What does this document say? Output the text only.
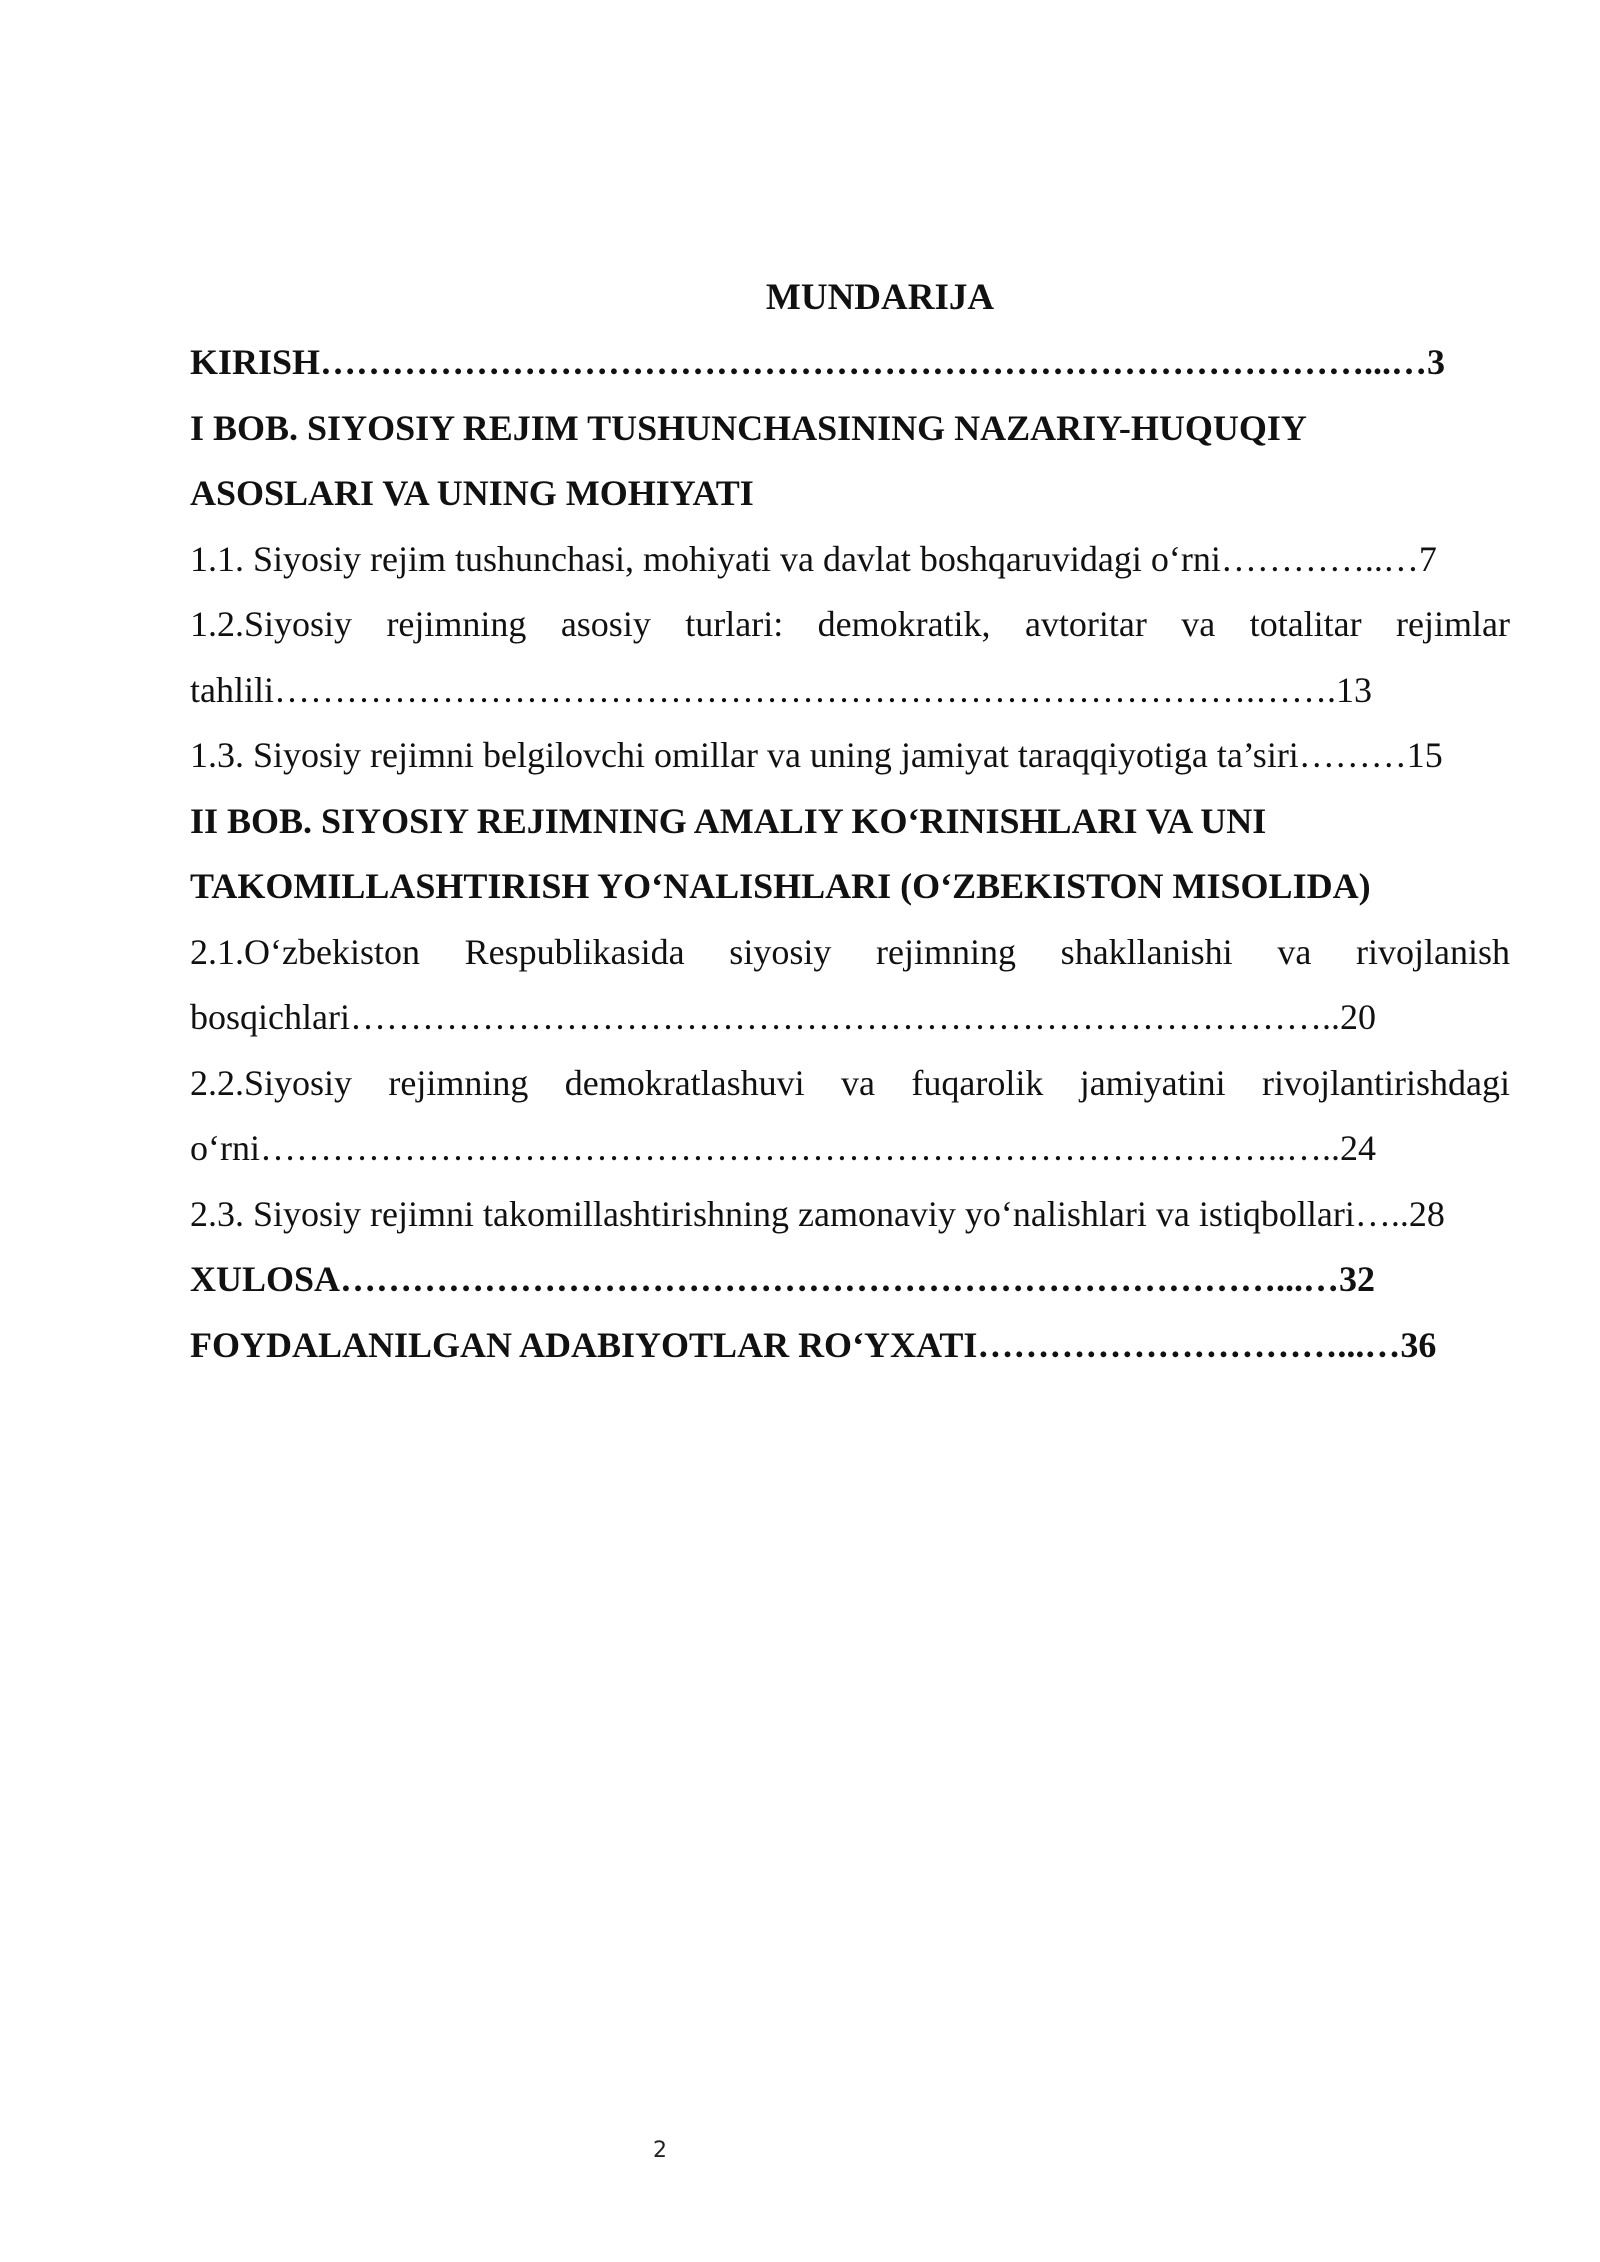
MUNDARIJA
KIRISH……………………………………………………………………………...…3
I BOB. SIYOSIY REJIM TUSHUNCHASINING NAZARIY-HUQUQIY
ASOSLARI VA UNING MOHIYATI
1.1. Siyosiy rejim tushunchasi, mohiyati va davlat boshqaruvidagi o‘rni…………..…7
1.2.Siyosiy rejimning asosiy turlari: demokratik, avtoritar va totalitar rejimlar
tahlili……………………………………………………………………….…….13
1.3. Siyosiy rejimni belgilovchi omillar va uning jamiyat taraqqiyotiga ta’siri………15
II BOB. SIYOSIY REJIMNING AMALIY KO‘RINISHLARI VA UNI
TAKOMILLASHTIRISH YO‘NALISHLARI (O‘ZBEKISTON MISOLIDA)
2.1.O‘zbekiston Respublikasida siyosiy rejimning shakllanishi va rivojlanish
bosqichlari………………………………………………………………………..20
2.2.Siyosiy rejimning demokratlashuvi va fuqarolik jamiyatini rivojlantirishdagi
o‘rni…………………………………………………………………………..…..24
2.3. Siyosiy rejimni takomillashtirishning zamonaviy yo‘nalishlari va istiqbollari…..28
XULOSA……………………………………………………………………...…32
FOYDALANILGAN ADABIYOTLAR RO‘YXATI…………………………...…36
2
